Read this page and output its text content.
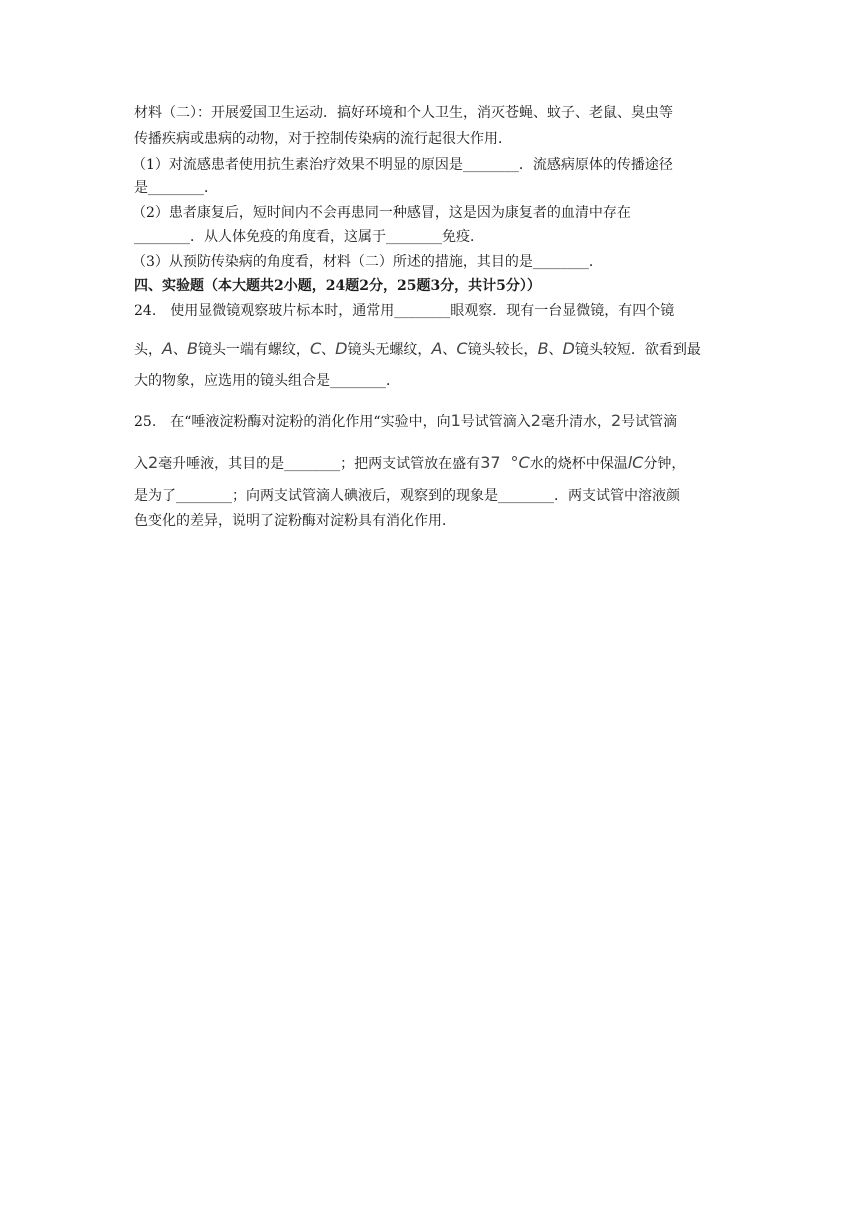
材料（二）：开展爱国卫生运动．搞好环境和个人卫生，消灭苍蝇、蚊子、老鼠、臭虫等
传播疾病或患病的动物，对于控制传染病的流行起很大作用．
（1）对流感患者使用抗生素治疗效果不明显的原因是________．流感病原体的传播途径
是________．
（2）患者康复后，短时间内不会再患同一种感冒，这是因为康复者的血清中存在
________．从人体免疫的角度看，这属于________免疫．
（3）从预防传染病的角度看，材料（二）所述的措施，其目的是________．
四、实验题（本大题共2小题，24题2分，25题3分，共计5分））
24.　使用显微镜观察玻片标本时，通常用________眼观察．现有一台显微镜，有四个镜
头，A、B镜头一端有螺纹，C、D镜头无螺纹，A、C镜头较长，B、D镜头较短．欲看到最
大的物象，应选用的镜头组合是________．
25.　在“唾液淀粉酶对淀粉的消化作用“实验中，向1号试管滴入2毫升清水，2号试管滴
入2毫升唾液，其目的是________；把两支试管放在盛有37 °C水的烧杯中保温lC分钟，
是为了________；向两支试管滴人碘液后，观察到的现象是________．两支试管中溶液颜
色变化的差异，说明了淀粉酶对淀粉具有消化作用．
